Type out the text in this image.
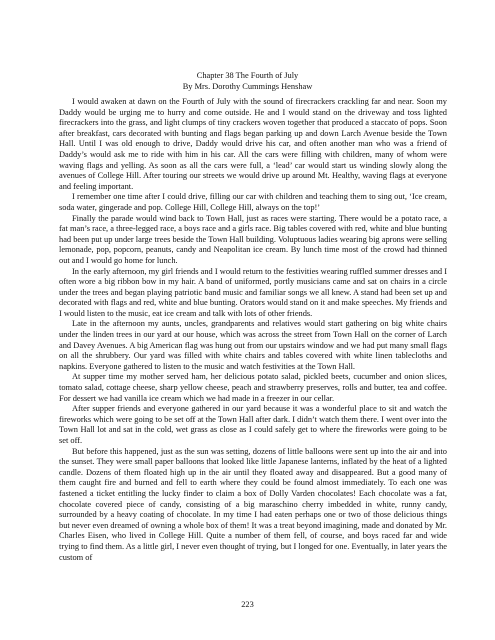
Chapter 38 The Fourth of July
By Mrs. Dorothy Cummings Henshaw

I would awaken at dawn on the Fourth of July with the sound of firecrackers crackling far and near. Soon my Daddy would be urging me to hurry and come outside. He and I would stand on the driveway and toss lighted firecrackers into the grass, and light clumps of tiny crackers woven together that produced a staccato of pops. Soon after breakfast, cars decorated with bunting and flags began parking up and down Larch Avenue beside the Town Hall. Until I was old enough to drive, Daddy would drive his car, and often another man who was a friend of Daddy’s would ask me to ride with him in his car. All the cars were filling with children, many of whom were waving flags and yelling. As soon as all the cars were full, a ‘lead’ car would start us winding slowly along the avenues of College Hill. After touring our streets we would drive up around Mt. Healthy, waving flags at everyone and feeling important.

I remember one time after I could drive, filling our car with children and teaching them to sing out, ‘Ice cream, soda water, gingerade and pop. College Hill, College Hill, always on the top!’

Finally the parade would wind back to Town Hall, just as races were starting. There would be a potato race, a fat man’s race, a three-legged race, a boys race and a girls race. Big tables covered with red, white and blue bunting had been put up under large trees beside the Town Hall building. Voluptuous ladies wearing big aprons were selling lemonade, pop, popcorn, peanuts, candy and Neapolitan ice cream. By lunch time most of the crowd had thinned out and I would go home for lunch.

In the early afternoon, my girl friends and I would return to the festivities wearing ruffled summer dresses and I often wore a big ribbon bow in my hair. A band of uniformed, portly musicians came and sat on chairs in a circle under the trees and began playing patriotic band music and familiar songs we all knew. A stand had been set up and decorated with flags and red, white and blue bunting. Orators would stand on it and make speeches. My friends and I would listen to the music, eat ice cream and talk with lots of other friends.

Late in the afternoon my aunts, uncles, grandparents and relatives would start gathering on big white chairs under the linden trees in our yard at our house, which was across the street from Town Hall on the corner of Larch and Davey Avenues. A big American flag was hung out from our upstairs window and we had put many small flags on all the shrubbery. Our yard was filled with white chairs and tables covered with white linen tablecloths and napkins. Everyone gathered to listen to the music and watch festivities at the Town Hall.

At supper time my mother served ham, her delicious potato salad, pickled beets, cucumber and onion slices, tomato salad, cottage cheese, sharp yellow cheese, peach and strawberry preserves, rolls and butter, tea and coffee. For dessert we had vanilla ice cream which we had made in a freezer in our cellar.

After supper friends and everyone gathered in our yard because it was a wonderful place to sit and watch the fireworks which were going to be set off at the Town Hall after dark. I didn’t watch them there. I went over into the Town Hall lot and sat in the cold, wet grass as close as I could safely get to where the fireworks were going to be set off.

But before this happened, just as the sun was setting, dozens of little balloons were sent up into the air and into the sunset. They were small paper balloons that looked like little Japanese lanterns, inflated by the heat of a lighted candle. Dozens of them floated high up in the air until they floated away and disappeared. But a good many of them caught fire and burned and fell to earth where they could be found almost immediately. To each one was fastened a ticket entitling the lucky finder to claim a box of Dolly Varden chocolates! Each chocolate was a fat, chocolate covered piece of candy, consisting of a big maraschino cherry imbedded in white, runny candy, surrounded by a heavy coating of chocolate. In my time I had eaten perhaps one or two of those delicious things but never even dreamed of owning a whole box of them! It was a treat beyond imagining, made and donated by Mr. Charles Eisen, who lived in College Hill. Quite a number of them fell, of course, and boys raced far and wide trying to find them. As a little girl, I never even thought of trying, but I longed for one. Eventually, in later years the custom of

223
